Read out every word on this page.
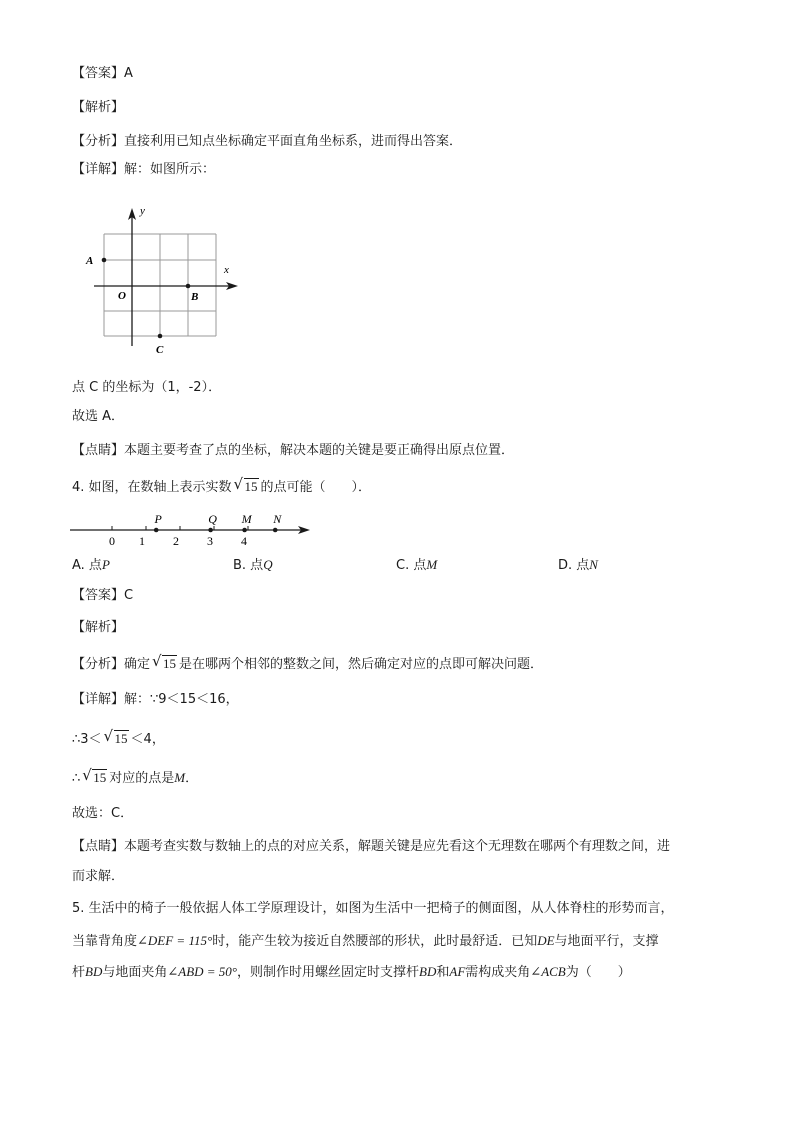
【答案】A
【解析】
【分析】直接利用已知点坐标确定平面直角坐标系，进而得出答案．
【详解】解：如图所示：
y
x
O
A
B
C
点 C 的坐标为（1，-2）．
故选 A．
【点睛】本题主要考查了点的坐标，解决本题的关键是要正确得出原点位置．
4. 如图，在数轴上表示实数 √ 15 的点可能（　　）．
0 1 2 3 4
P	Q M N
A. 点P	B. 点Q	C. 点M	D. 点N
【答案】C
【解析】
【分析】确定 √ 15 是在哪两个相邻的整数之间，然后确定对应的点即可解决问题．
【详解】解：∵9＜15＜16，
∴3＜ √ 15 ＜4，
∴ √ 15 对应的点是M．
故选：C．
【点睛】本题考查实数与数轴上的点的对应关系，解题关键是应先看这个无理数在哪两个有理数之间，进
而求解．
5. 生活中的椅子一般依据人体工学原理设计，如图为生活中一把椅子的侧面图，从人体脊柱的形势而言，
当靠背角度∠DEF = 115°时，能产生较为接近自然腰部的形状，此时最舒适．已知DE与地面平行，支撑
杆BD与地面夹角∠ABD = 50°，则制作时用螺丝固定时支撑杆BD和AF需构成夹角∠ACB为（　　）
